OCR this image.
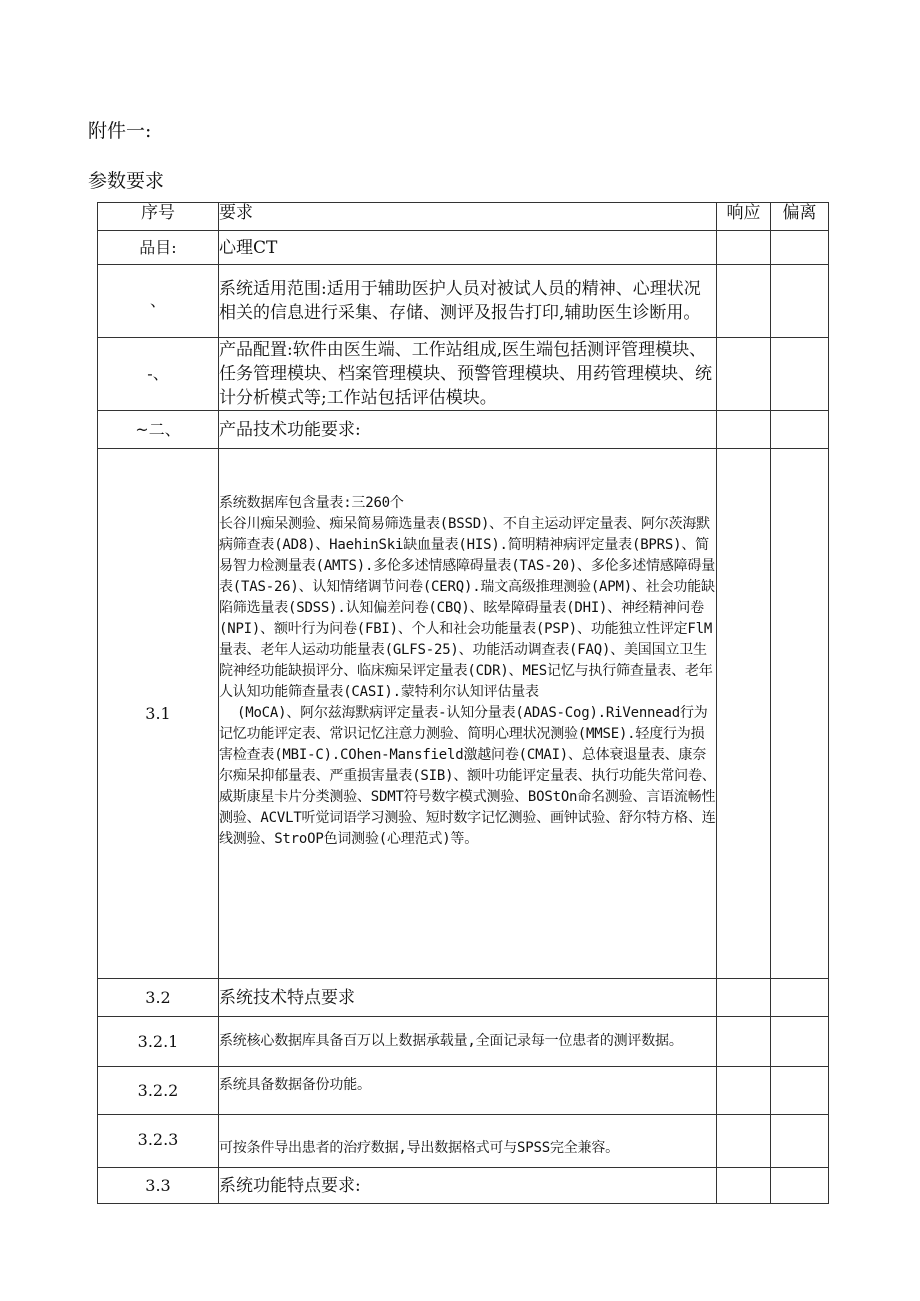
附件一:

参数要求

序号	要求	响应	偏离
品目:	心理CT		
、	系统适用范围:适用于辅助医护人员对被试人员的精神、心理状况相关的信息进行采集、存储、测评及报告打印,辅助医生诊断用。		
-、	产品配置:软件由医生端、工作站组成,医生端包括测评管理模块、任务管理模块、档案管理模块、预警管理模块、用药管理模块、统计分析模式等;工作站包括评估模块。		
~二、	产品技术功能要求:		
3.1	系统数据库包含量表:三260个
长谷川痴呆测验、痴呆简易筛选量表(BSSD)、不自主运动评定量表、阿尔茨海默病筛查表(AD8)、HaehinSki缺血量表(HIS).简明精神病评定量表(BPRS)、简易智力检测量表(AMTS).多伦多述情感障碍量表(TAS-20)、多伦多述情感障碍量表(TAS-26)、认知情绪调节问卷(CERQ).瑞文高级推理测验(APM)、社会功能缺陷筛选量表(SDSS).认知偏差问卷(CBQ)、眩晕障碍量表(DHI)、神经精神问卷(NPI)、额叶行为问卷(FBI)、个人和社会功能量表(PSP)、功能独立性评定FlM量表、老年人运动功能量表(GLFS-25)、功能活动调查表(FAQ)、美国国立卫生院神经功能缺损评分、临床痴呆评定量表(CDR)、MES记忆与执行筛查量表、老年人认知功能筛查量表(CASI).蒙特利尔认知评估量表
(MoCA)、阿尔兹海默病评定量表-认知分量表(ADAS-Cog).RiVennead行为记忆功能评定表、常识记忆注意力测验、简明心理状况测验(MMSE).轻度行为损害检查表(MBI-C).COhen-Mansfield激越问卷(CMAI)、总体衰退量表、康奈尔痴呆抑郁量表、严重损害量表(SIB)、额叶功能评定量表、执行功能失常问卷、威斯康星卡片分类测验、SDMT符号数字模式测验、BOStOn命名测验、言语流畅性测验、ACVLT听觉词语学习测验、短时数字记忆测验、画钟试验、舒尔特方格、连线测验、StroOP色词测验(心理范式)等。		

3.2	系统技术特点要求		
3.2.1	系统核心数据库具备百万以上数据承载量,全面记录每一位患者的测评数据。		
3.2.2	系统具备数据备份功能。		
3.2.3	可按条件导出患者的治疗数据,导出数据格式可与SPSS完全兼容。		
3.3	系统功能特点要求:		
